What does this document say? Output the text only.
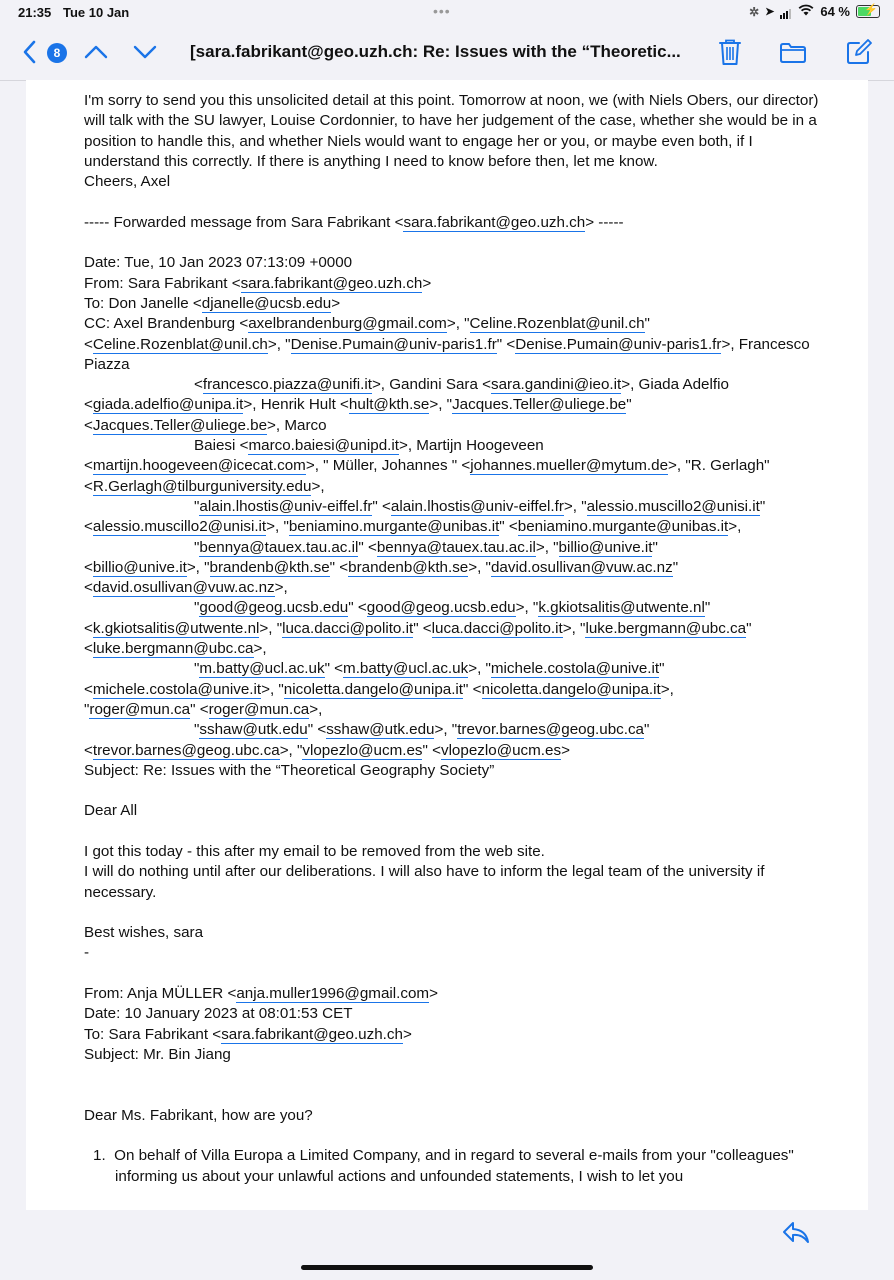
21:35 Tue 10 Jan	•••	✲ ➤	64 % ⚡
8	[sara.fabrikant@geo.uzh.ch: Re: Issues with the “Theoretic...

I'm sorry to send you this unsolicited detail at this point. Tomorrow at noon, we (with Niels Obers, our director) will talk with the SU lawyer, Louise Cordonnier, to have her judgement of the case, whether she would be in a position to handle this, and whether Niels would want to engage her or you, or maybe even both, if I understand this correctly. If there is anything I need to know before then, let me know.

Cheers, Axel

----- Forwarded message from Sara Fabrikant <sara.fabrikant@geo.uzh.ch> -----

Date: Tue, 10 Jan 2023 07:13:09 +0000

From: Sara Fabrikant <sara.fabrikant@geo.uzh.ch>

To: Don Janelle <djanelle@ucsb.edu>

CC: Axel Brandenburg <axelbrandenburg@gmail.com>, "Celine.Rozenblat@unil.ch" <Celine.Rozenblat@unil.ch>, "Denise.Pumain@univ-paris1.fr" <Denise.Pumain@univ-paris1.fr>, Francesco Piazza

<francesco.piazza@unifi.it>, Gandini Sara <sara.gandini@ieo.it>, Giada Adelfio

<giada.adelfio@unipa.it>, Henrik Hult <hult@kth.se>, "Jacques.Teller@uliege.be"

<Jacques.Teller@uliege.be>, Marco

Baiesi <marco.baiesi@unipd.it>, Martijn Hoogeveen

<martijn.hoogeveen@icecat.com>, " Müller, Johannes " <johannes.mueller@mytum.de>, "R. Gerlagh"

<R.Gerlagh@tilburguniversity.edu>,

"alain.lhostis@univ-eiffel.fr" <alain.lhostis@univ-eiffel.fr>, "alessio.muscillo2@unisi.it"

<alessio.muscillo2@unisi.it>, "beniamino.murgante@unibas.it" <beniamino.murgante@unibas.it>,

"bennya@tauex.tau.ac.il" <bennya@tauex.tau.ac.il>, "billio@unive.it"

<billio@unive.it>, "brandenb@kth.se" <brandenb@kth.se>, "david.osullivan@vuw.ac.nz"

<david.osullivan@vuw.ac.nz>,

"good@geog.ucsb.edu" <good@geog.ucsb.edu>, "k.gkiotsalitis@utwente.nl"

<k.gkiotsalitis@utwente.nl>, "luca.dacci@polito.it" <luca.dacci@polito.it>, "luke.bergmann@ubc.ca"

<luke.bergmann@ubc.ca>,

"m.batty@ucl.ac.uk" <m.batty@ucl.ac.uk>, "michele.costola@unive.it"

<michele.costola@unive.it>, "nicoletta.dangelo@unipa.it" <nicoletta.dangelo@unipa.it>,

"roger@mun.ca" <roger@mun.ca>,

"sshaw@utk.edu" <sshaw@utk.edu>, "trevor.barnes@geog.ubc.ca"

<trevor.barnes@geog.ubc.ca>, "vlopezlo@ucm.es" <vlopezlo@ucm.es>

Subject: Re: Issues with the “Theoretical Geography Society”

Dear All

I got this today - this after my email to be removed from the web site.

I will do nothing until after our deliberations. I will also have to inform the legal team of the university if necessary.

Best wishes, sara

-

From: Anja MÜLLER <anja.muller1996@gmail.com>

Date: 10 January 2023 at 08:01:53 CET

To: Sara Fabrikant <sara.fabrikant@geo.uzh.ch>

Subject: Mr. Bin Jiang

Dear Ms. Fabrikant, how are you?

1. On behalf of Villa Europa a Limited Company, and in regard to several e-mails from your "colleagues" informing us about your unlawful actions and unfounded statements, I wish to let you
